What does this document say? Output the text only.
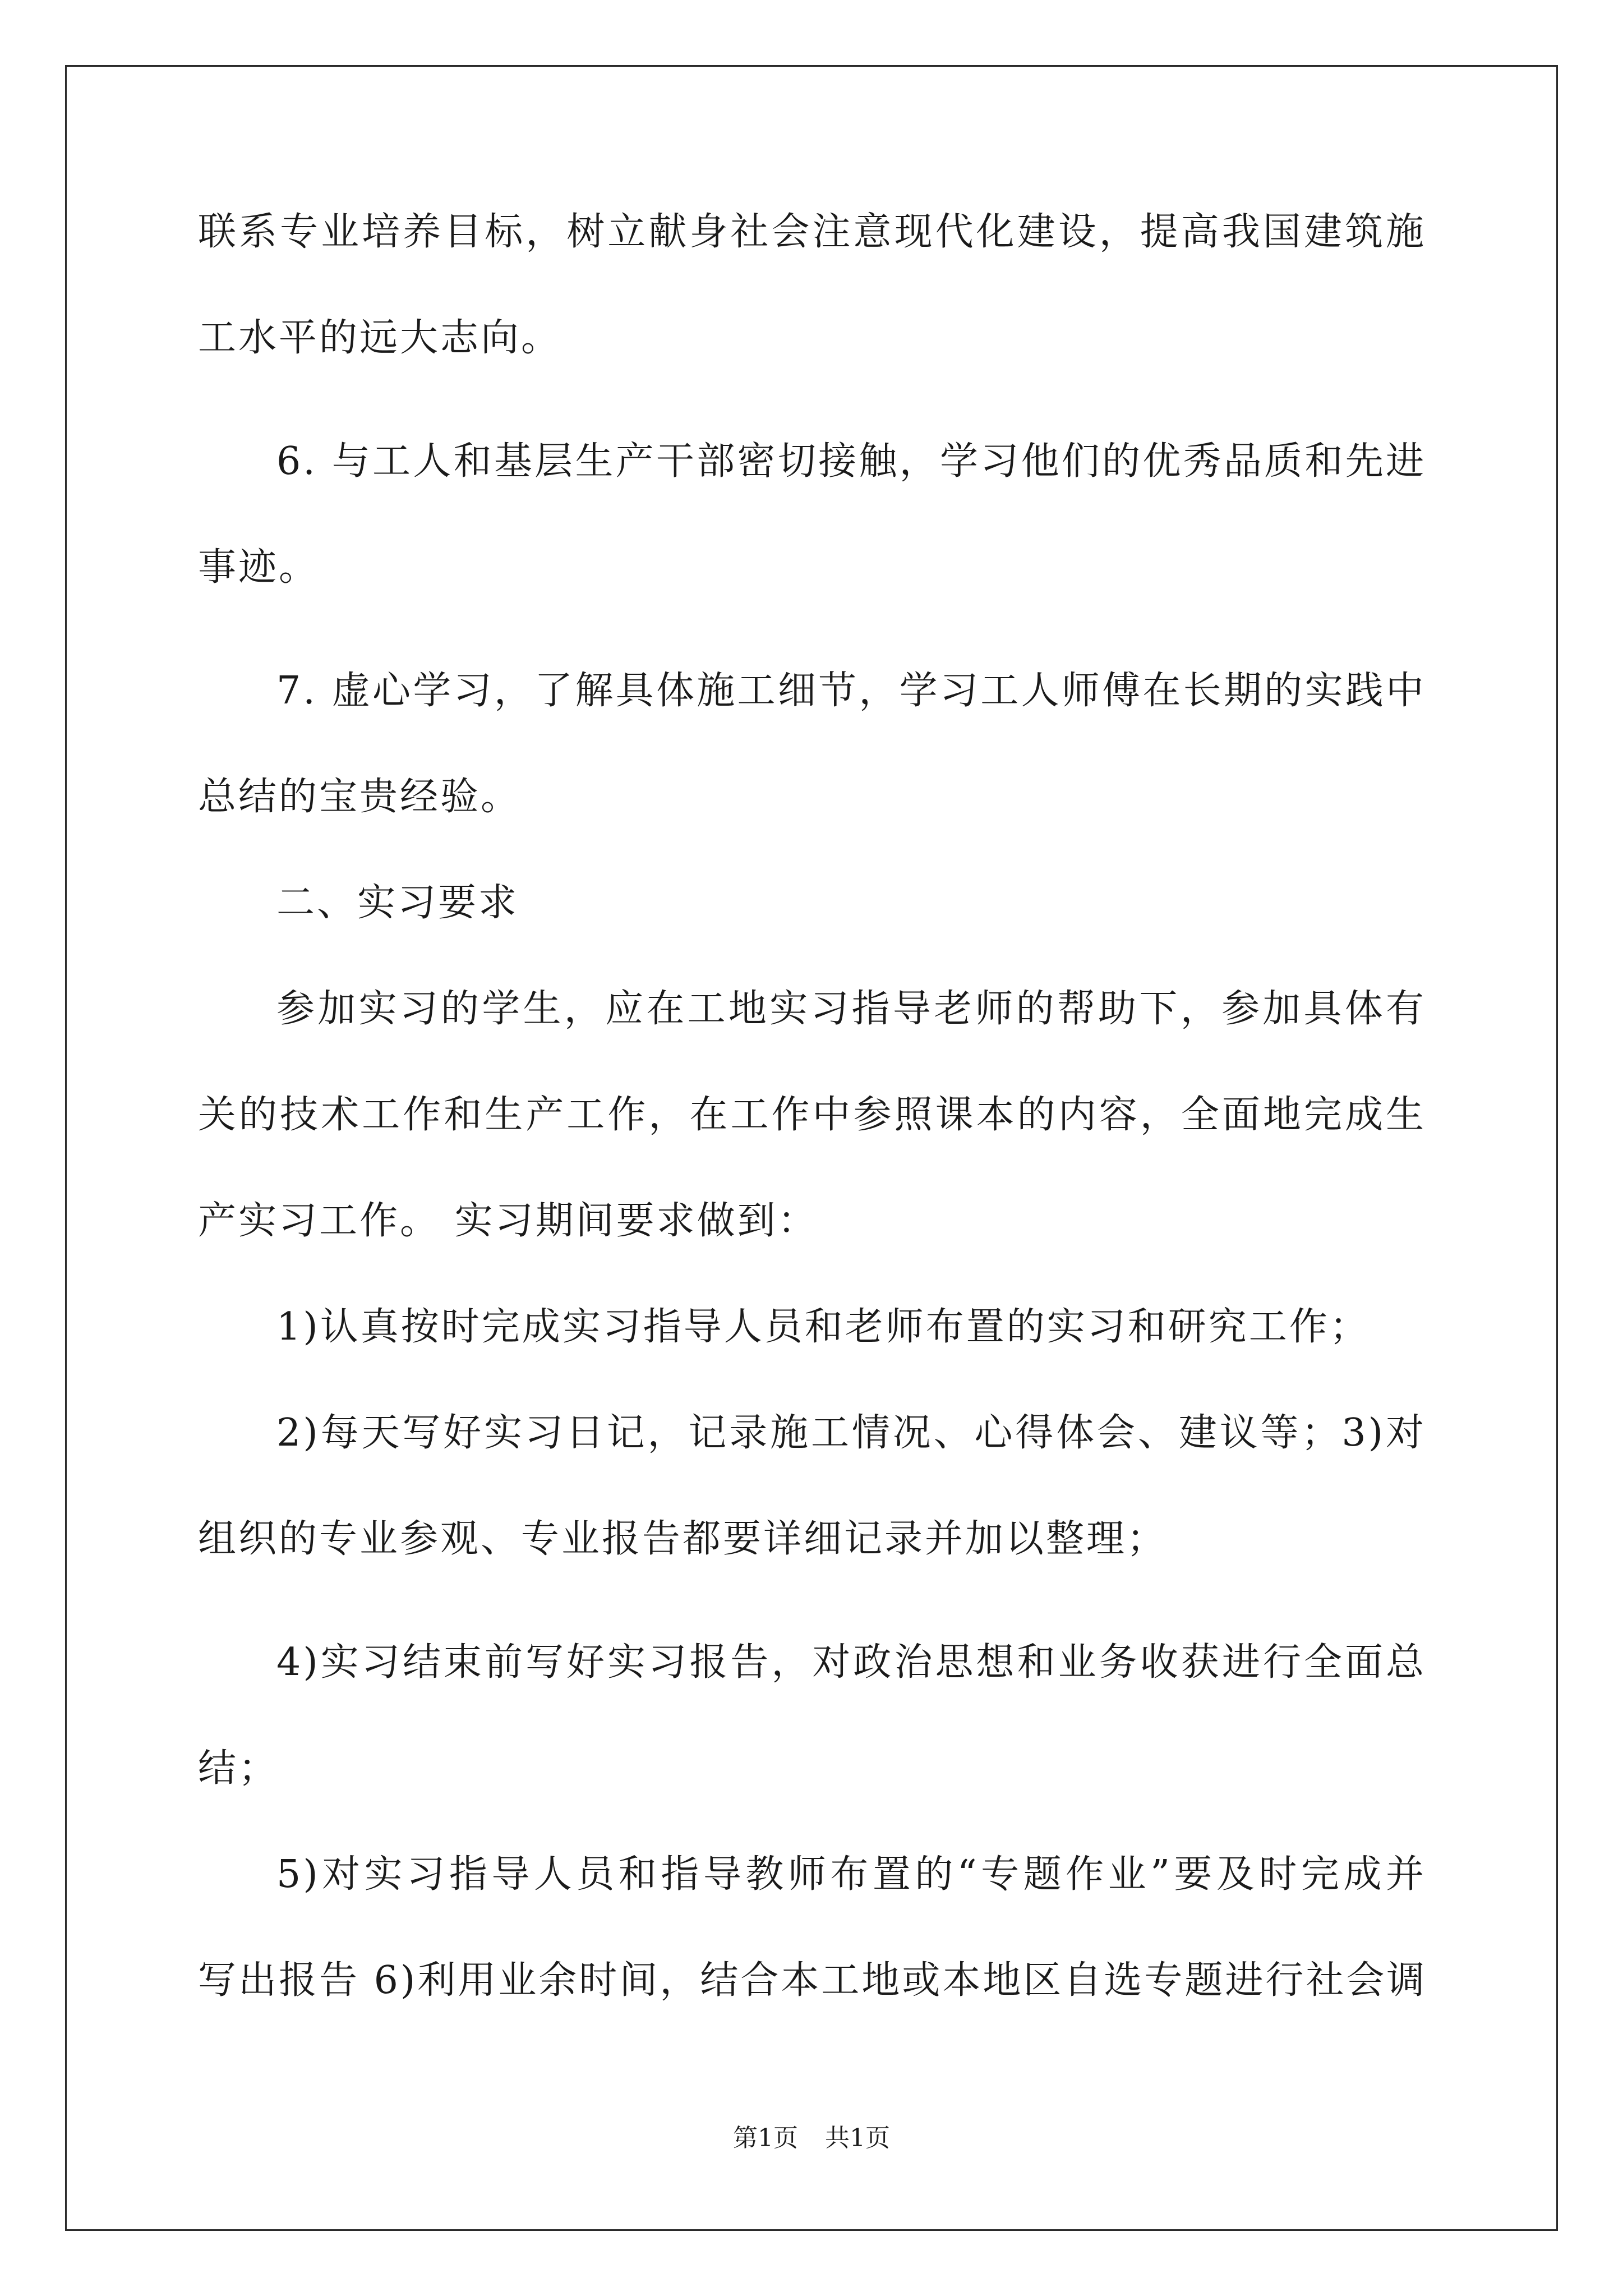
联系专业培养目标，树立献身社会注意现代化建设，提高我国建筑施
工水平的远大志向。
6. 与工人和基层生产干部密切接触，学习他们的优秀品质和先进
事迹。
7. 虚心学习，了解具体施工细节，学习工人师傅在长期的实践中
总结的宝贵经验。
二、实习要求
参加实习的学生，应在工地实习指导老师的帮助下，参加具体有
关的技术工作和生产工作，在工作中参照课本的内容，全面地完成生
产实习工作。 实习期间要求做到：
1)认真按时完成实习指导人员和老师布置的实习和研究工作；
2)每天写好实习日记，记录施工情况、心得体会、建议等；3)对
组织的专业参观、专业报告都要详细记录并加以整理；
4)实习结束前写好实习报告，对政治思想和业务收获进行全面总
结；
5)对实习指导人员和指导教师布置的“专题作业”要及时完成并
写出报告 6)利用业余时间，结合本工地或本地区自选专题进行社会调
第1页 共1页
